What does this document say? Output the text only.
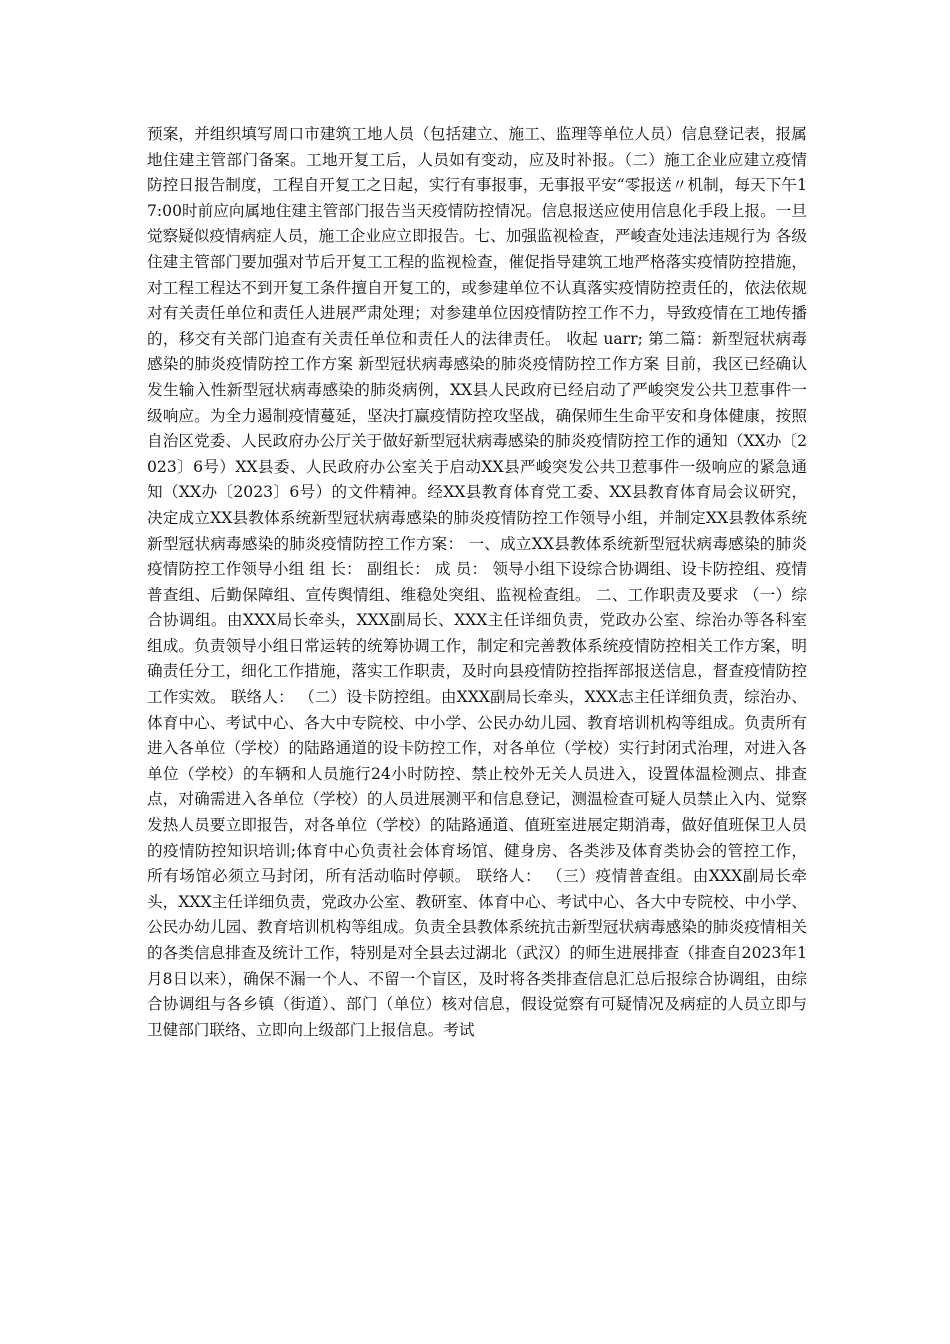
预案，并组织填写周口市建筑工地人员（包括建立、施工、监理等单位人员）信息登记表，报属地住建主管部门备案。工地开复工后，人员如有变动，应及时补报。（二）施工企业应建立疫情防控日报告制度，工程自开复工之日起，实行有事报事，无事报平安“零报送〃机制，每天下午17:00时前应向属地住建主管部门报告当天疫情防控情况。信息报送应使用信息化手段上报。一旦觉察疑似疫情病症人员，施工企业应立即报告。七、加强监视检查，严峻查处违法违规行为 各级住建主管部门要加强对节后开复工工程的监视检查，催促指导建筑工地严格落实疫情防控措施，对工程工程达不到开复工条件擅自开复工的，或参建单位不认真落实疫情防控责任的，依法依规对有关责任单位和责任人进展严肃处理；对参建单位因疫情防控工作不力，导致疫情在工地传播的，移交有关部门追查有关责任单位和责任人的法律责任。 收起 uarr; 第二篇：新型冠状病毒感染的肺炎疫情防控工作方案 新型冠状病毒感染的肺炎疫情防控工作方案 目前，我区已经确认发生输入性新型冠状病毒感染的肺炎病例，XX县人民政府已经启动了严峻突发公共卫惹事件一级响应。为全力遏制疫情蔓延，坚决打赢疫情防控攻坚战，确保师生生命平安和身体健康，按照自治区党委、人民政府办公厅关于做好新型冠状病毒感染的肺炎疫情防控工作的通知（XX办〔2023〕6号）XX县委、人民政府办公室关于启动XX县严峻突发公共卫惹事件一级响应的紧急通知（XX办〔2023〕6号）的文件精神。经XX县教育体育党工委、XX县教育体育局会议研究，决定成立XX县教体系统新型冠状病毒感染的肺炎疫情防控工作领导小组，并制定XX县教体系统新型冠状病毒感染的肺炎疫情防控工作方案： 一、成立XX县教体系统新型冠状病毒感染的肺炎疫情防控工作领导小组 组 长： 副组长： 成 员： 领导小组下设综合协调组、设卡防控组、疫情普查组、后勤保障组、宣传舆情组、维稳处突组、监视检查组。 二、工作职责及要求 （一）综合协调组。由XXX局长牵头，XXX副局长、XXX主任详细负责，党政办公室、综治办等各科室组成。负责领导小组日常运转的统筹协调工作，制定和完善教体系统疫情防控相关工作方案，明确责任分工，细化工作措施，落实工作职责，及时向县疫情防控指挥部报送信息，督查疫情防控工作实效。 联络人： （二）设卡防控组。由XXX副局长牵头，XXX志主任详细负责，综治办、体育中心、考试中心、各大中专院校、中小学、公民办幼儿园、教育培训机构等组成。负责所有进入各单位（学校）的陆路通道的设卡防控工作，对各单位（学校）实行封闭式治理，对进入各单位（学校）的车辆和人员施行24小时防控、禁止校外无关人员进入，设置体温检测点、排查点，对确需进入各单位（学校）的人员进展测平和信息登记，测温检查可疑人员禁止入内、觉察发热人员要立即报告，对各单位（学校）的陆路通道、值班室进展定期消毒，做好值班保卫人员的疫情防控知识培训;体育中心负责社会体育场馆、健身房、各类涉及体育类协会的管控工作，所有场馆必须立马封闭，所有活动临时停顿。 联络人： （三）疫情普查组。由XXX副局长牵头，XXX主任详细负责，党政办公室、教研室、体育中心、考试中心、各大中专院校、中小学、公民办幼儿园、教育培训机构等组成。负责全县教体系统抗击新型冠状病毒感染的肺炎疫情相关的各类信息排查及统计工作，特别是对全县去过湖北（武汉）的师生进展排查（排查自2023年1月8日以来），确保不漏一个人、不留一个盲区，及时将各类排查信息汇总后报综合协调组，由综合协调组与各乡镇（街道）、部门（单位）核对信息，假设觉察有可疑情况及病症的人员立即与卫健部门联络、立即向上级部门上报信息。考试
